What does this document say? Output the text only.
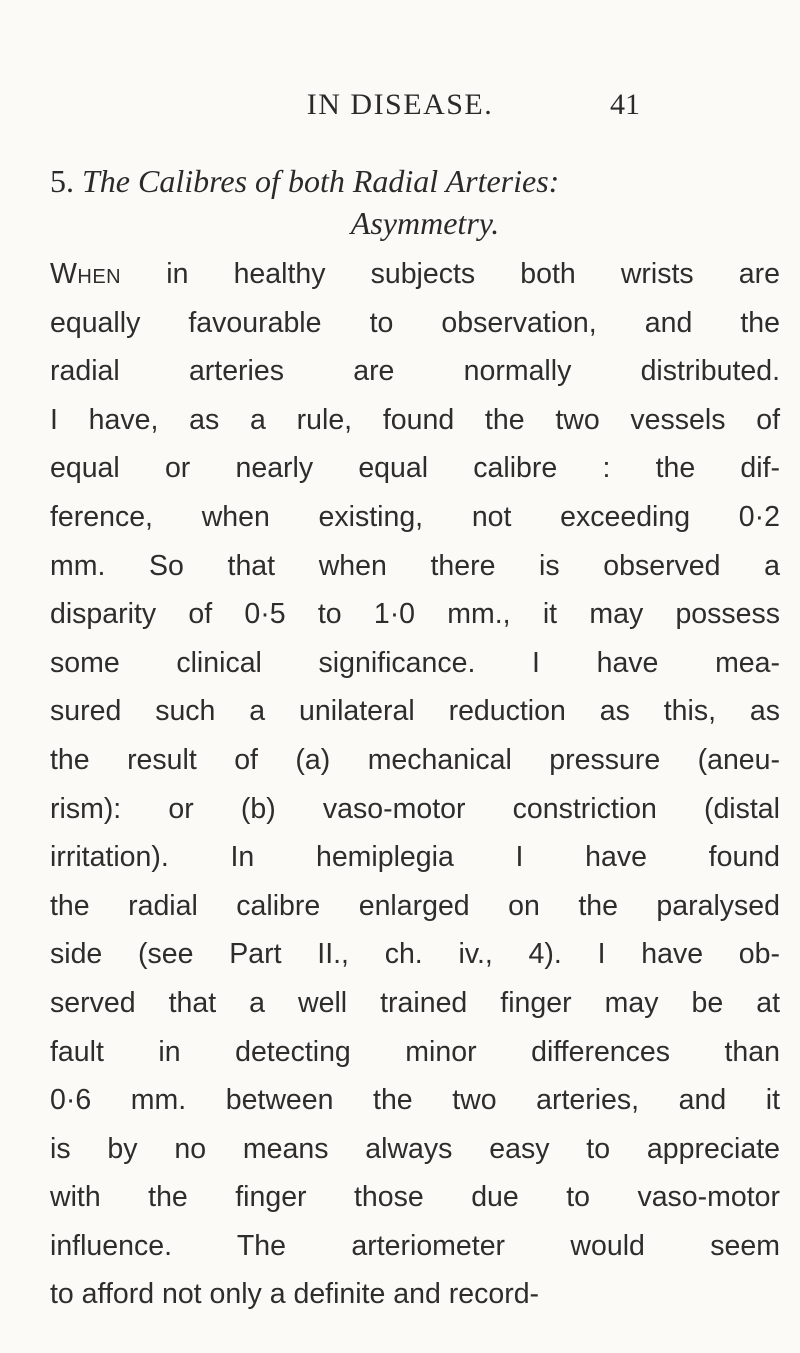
IN DISEASE.	41
5. The Calibres of both Radial Arteries:
Asymmetry.
When in healthy subjects both wrists are
equally favourable to observation, and the
radial arteries are normally distributed.
I have, as a rule, found the two vessels of
equal or nearly equal calibre : the dif-
ference, when existing, not exceeding 0·2
mm. So that when there is observed a
disparity of 0·5 to 1·0 mm., it may possess
some clinical significance. I have mea-
sured such a unilateral reduction as this, as
the result of (a) mechanical pressure (aneu-
rism): or (b) vaso-motor constriction (distal
irritation). In hemiplegia I have found
the radial calibre enlarged on the paralysed
side (see Part II., ch. iv., 4). I have ob-
served that a well trained finger may be at
fault in detecting minor differences than
0·6 mm. between the two arteries, and it
is by no means always easy to appreciate
with the finger those due to vaso-motor
influence. The arteriometer would seem
to afford not only a definite and record-
